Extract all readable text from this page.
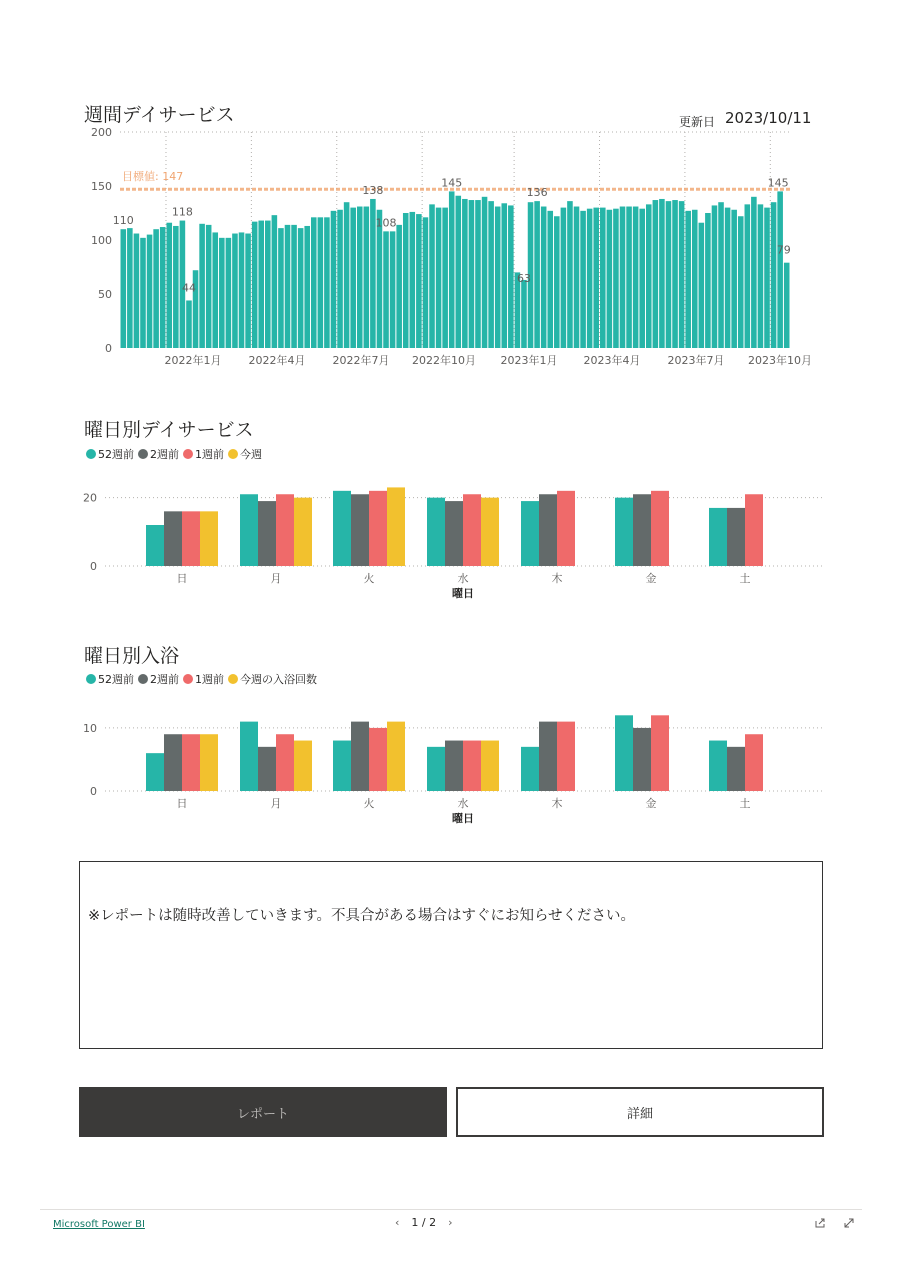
週間デイサービス	更新日 2023/10/11
0
50
100
150
200
目標値: 147
110
118
44
138
108
145
63
136
145
79
2022年1月 2022年4月 2022年7月 2022年10月 2023年1月 2023年4月 2023年7月 2023年10月
曜日別デイサービス
52週前 2週前 1週前 今週
0
20
日	月	火	水	木	金	土
曜日
曜日別入浴
52週前 2週前 1週前 今週の入浴回数
0
10
日	月	火	水	木	金	土
曜日
※レポートは随時改善していきます。不具合がある場合はすぐにお知らせください。
レポート	詳細
Microsoft Power BI	‹ 1 / 2 ›
